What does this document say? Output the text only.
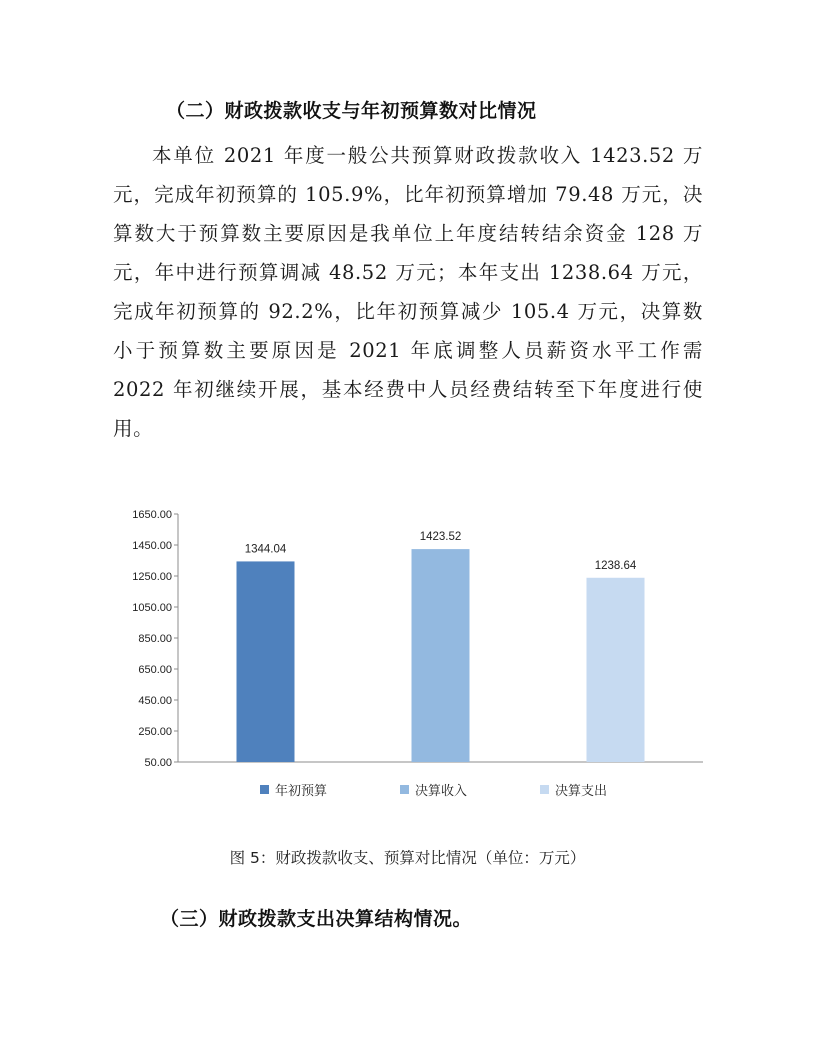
（二）财政拨款收支与年初预算数对比情况
本单位 2021 年度一般公共预算财政拨款收入 1423.52 万
元，完成年初预算的 105.9%，比年初预算增加 79.48 万元，决
算数大于预算数主要原因是我单位上年度结转结余资金 128 万
元，年中进行预算调减 48.52 万元；本年支出 1238.64 万元，
完成年初预算的 92.2%，比年初预算减少 105.4 万元，决算数
小于预算数主要原因是 2021 年底调整人员薪资水平工作需
2022 年初继续开展，基本经费中人员经费结转至下年度进行使
用。
50.00
250.00
450.00
650.00
850.00
1050.00
1250.00
1450.00
1650.00
1344.04
1423.52
1238.64
年初预算	决算收入	决算支出
图 5：财政拨款收支、预算对比情况（单位：万元）
（三）财政拨款支出决算结构情况。
